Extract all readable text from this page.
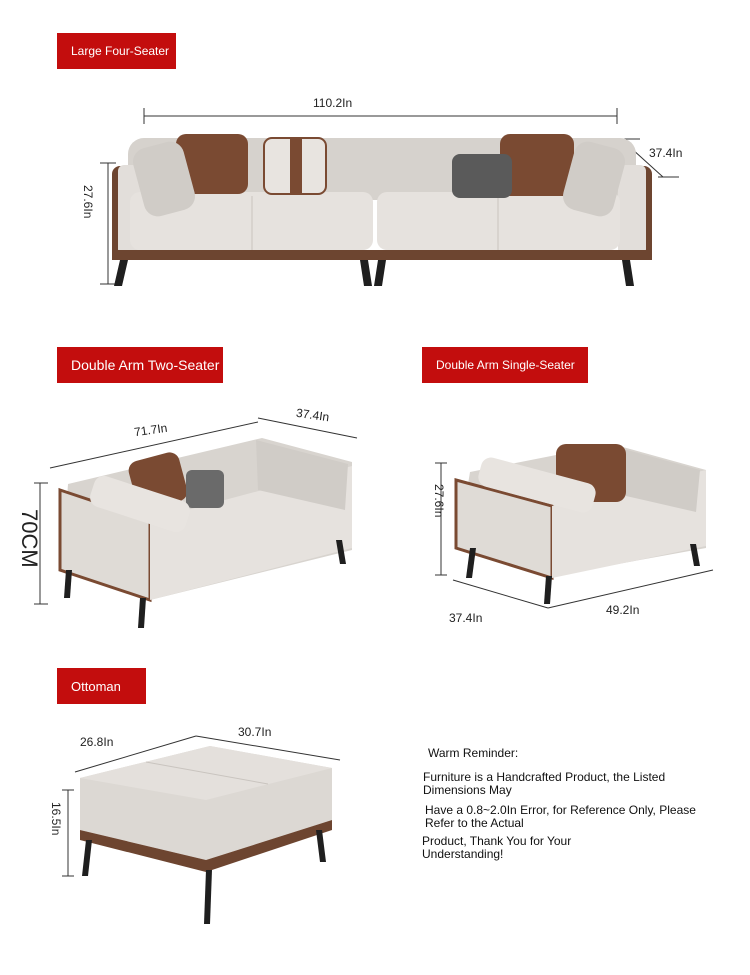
Large Four-Seater
110.2In
37.4In
27.6In
Double Arm Two-Seater
71.7In
37.4In
70CM
Double Arm Single-Seater
27.6In
37.4In
49.2In
Ottoman
26.8In
30.7In
16.5In
Warm Reminder:
Furniture is a Handcrafted Product, the Listed Dimensions May
Have a 0.8~2.0In Error, for Reference Only, Please Refer to the Actual
Product, Thank You for Your Understanding!
